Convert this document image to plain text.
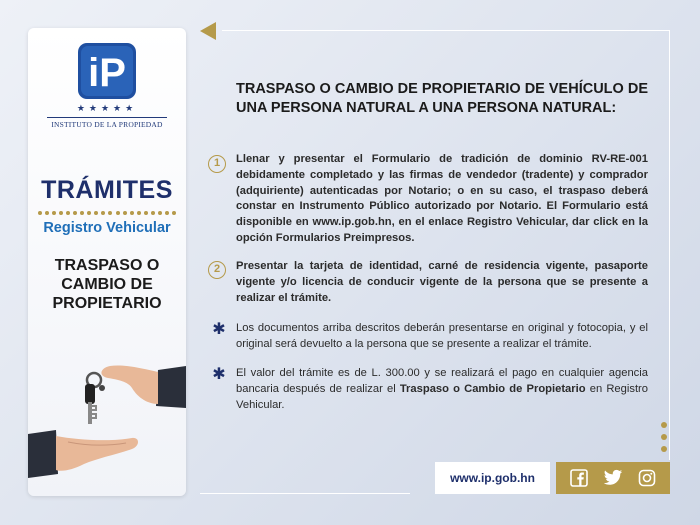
iP
★★★★★
INSTITUTO DE LA PROPIEDAD
TRÁMITES
Registro Vehicular
TRASPASO O
CAMBIO DE
PROPIETARIO
TRASPASO O CAMBIO DE PROPIETARIO DE VEHÍCULO DE UNA PERSONA NATURAL A UNA PERSONA NATURAL:
1	Llenar y presentar el Formulario de tradición de dominio RV-RE-001 debidamente completado y las firmas de vendedor (tradente) y comprador (adquiriente) autenticadas por Notario; o en su caso, el traspaso deberá constar en Instrumento Público autorizado por Notario. El Formulario está disponible en www.ip.gob.hn, en el enlace Registro Vehicular, dar click en la opción Formularios Preimpresos.
2	Presentar la tarjeta de identidad, carné de residencia vigente, pasaporte vigente y/o licencia de conducir vigente de la persona que se presente a realizar el trámite.
✱ Los documentos arriba descritos deberán presentarse en original y fotocopia, y el original será devuelto a la persona que se presente a realizar el trámite.
✱ El valor del trámite es de L. 300.00 y se realizará el pago en cualquier agencia bancaria después de realizar el Traspaso o Cambio de Propietario en Registro Vehicular.
www.ip.gob.hn
